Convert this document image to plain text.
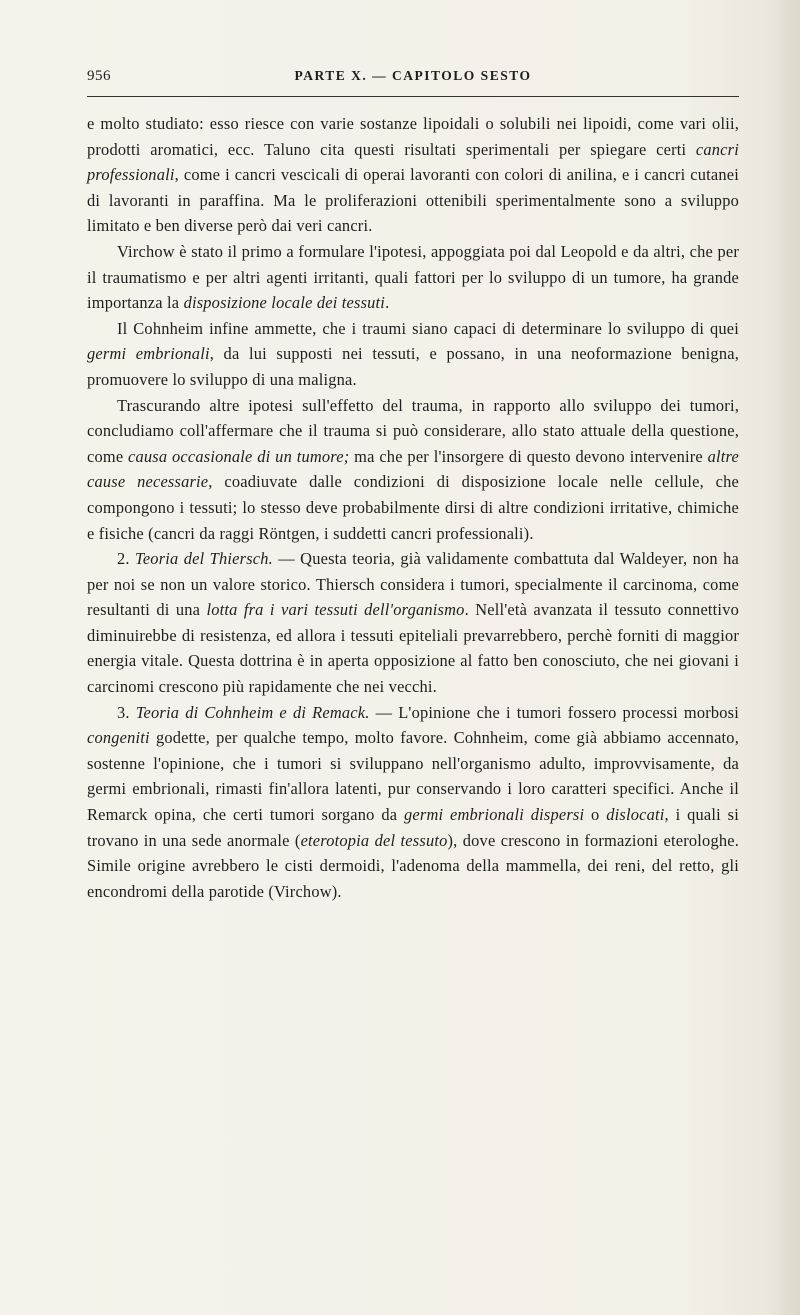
956	PARTE X. — CAPITOLO SESTO

e molto studiato: esso riesce con varie sostanze lipoidali o solubili nei lipoidi, come vari olii, prodotti aromatici, ecc. Taluno cita questi risultati sperimentali per spiegare certi cancri professionali, come i cancri vescicali di operai lavoranti con colori di anilina, e i cancri cutanei di lavoranti in paraffina. Ma le proliferazioni ottenibili sperimentalmente sono a sviluppo limitato e ben diverse però dai veri cancri.

Virchow è stato il primo a formulare l'ipotesi, appoggiata poi dal Leopold e da altri, che per il traumatismo e per altri agenti irritanti, quali fattori per lo sviluppo di un tumore, ha grande importanza la disposizione locale dei tessuti.

Il Cohnheim infine ammette, che i traumi siano capaci di determinare lo sviluppo di quei germi embrionali, da lui supposti nei tessuti, e possano, in una neoformazione benigna, promuovere lo sviluppo di una maligna.

Trascurando altre ipotesi sull'effetto del trauma, in rapporto allo sviluppo dei tumori, concludiamo coll'affermare che il trauma si può considerare, allo stato attuale della questione, come causa occasionale di un tumore; ma che per l'insorgere di questo devono intervenire altre cause necessarie, coadiuvate dalle condizioni di disposizione locale nelle cellule, che compongono i tessuti; lo stesso deve probabilmente dirsi di altre condizioni irritative, chimiche e fisiche (cancri da raggi Röntgen, i suddetti cancri professionali).

2. Teoria del Thiersch. — Questa teoria, già validamente combattuta dal Waldeyer, non ha per noi se non un valore storico. Thiersch considera i tumori, specialmente il carcinoma, come resultanti di una lotta fra i vari tessuti dell'organismo. Nell'età avanzata il tessuto connettivo diminuirebbe di resistenza, ed allora i tessuti epiteliali prevarrebbero, perchè forniti di maggior energia vitale. Questa dottrina è in aperta opposizione al fatto ben conosciuto, che nei giovani i carcinomi crescono più rapidamente che nei vecchi.

3. Teoria di Cohnheim e di Remack. — L'opinione che i tumori fossero processi morbosi congeniti godette, per qualche tempo, molto favore. Cohnheim, come già abbiamo accennato, sostenne l'opinione, che i tumori si sviluppano nell'organismo adulto, improvvisamente, da germi embrionali, rimasti fin'allora latenti, pur conservando i loro caratteri specifici. Anche il Remarck opina, che certi tumori sorgano da germi embrionali dispersi o dislocati, i quali si trovano in una sede anormale (eterotopia del tessuto), dove crescono in formazioni eterologhe. Simile origine avrebbero le cisti dermoidi, l'adenoma della mammella, dei reni, del retto, gli encondromi della parotide (Virchow).
